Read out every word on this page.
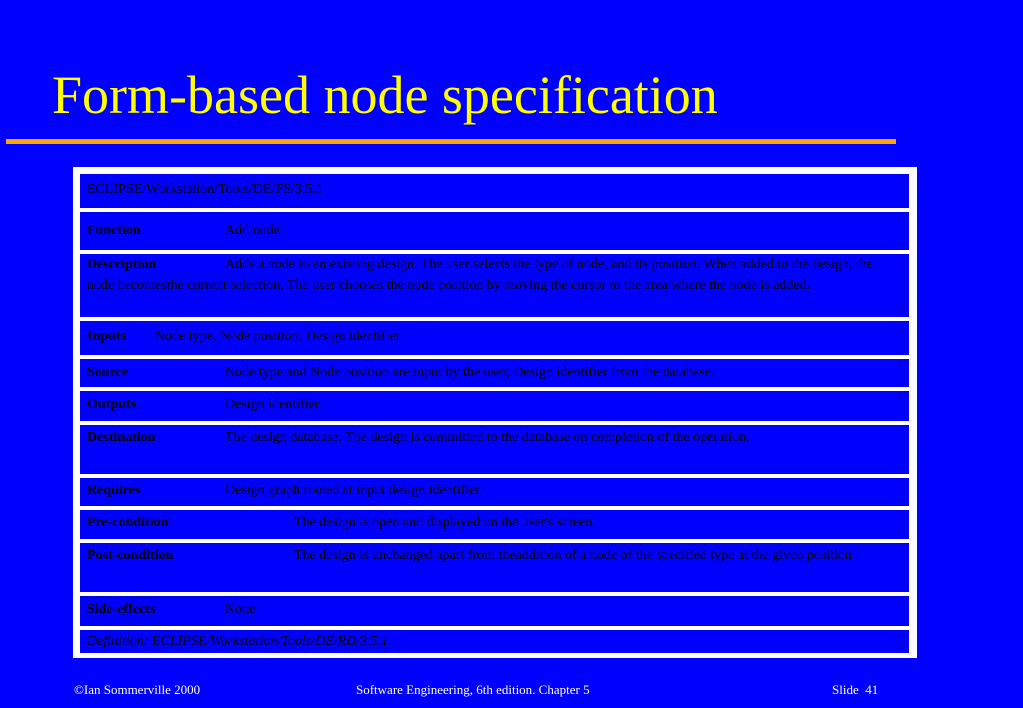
Form-based node specification
ECLIPSE/Workstation/Tools/DE/FS/3.5.1
Function	Add node
Description	Adds a node to an existing design. The user selects the type of node, and its position. When added to the design, the node becomesthe current selection. The user chooses the node position by moving the cursor to the area where the node is added.
Inputs Node type, Node position, Design identifier.
Source	Node type and Node position are input by the user, Design identifier from the database.
Outputs	Design identifier.
Destination	The design database. The design is committed to the database on completion of the operation.
Requires	Design graph rooted at input design identifier.
Pre-condition	The design is open and displayed on the user's screen.
Post-condition	The design is unchanged apart from theaddition of a node of the specified type at the given position.
Side-effects	None
Definition: ECLIPSE/Workstation/Tools/DE/RD/3.5.1
©Ian Sommerville 2000	Software Engineering, 6th edition. Chapter 5	Slide 41
